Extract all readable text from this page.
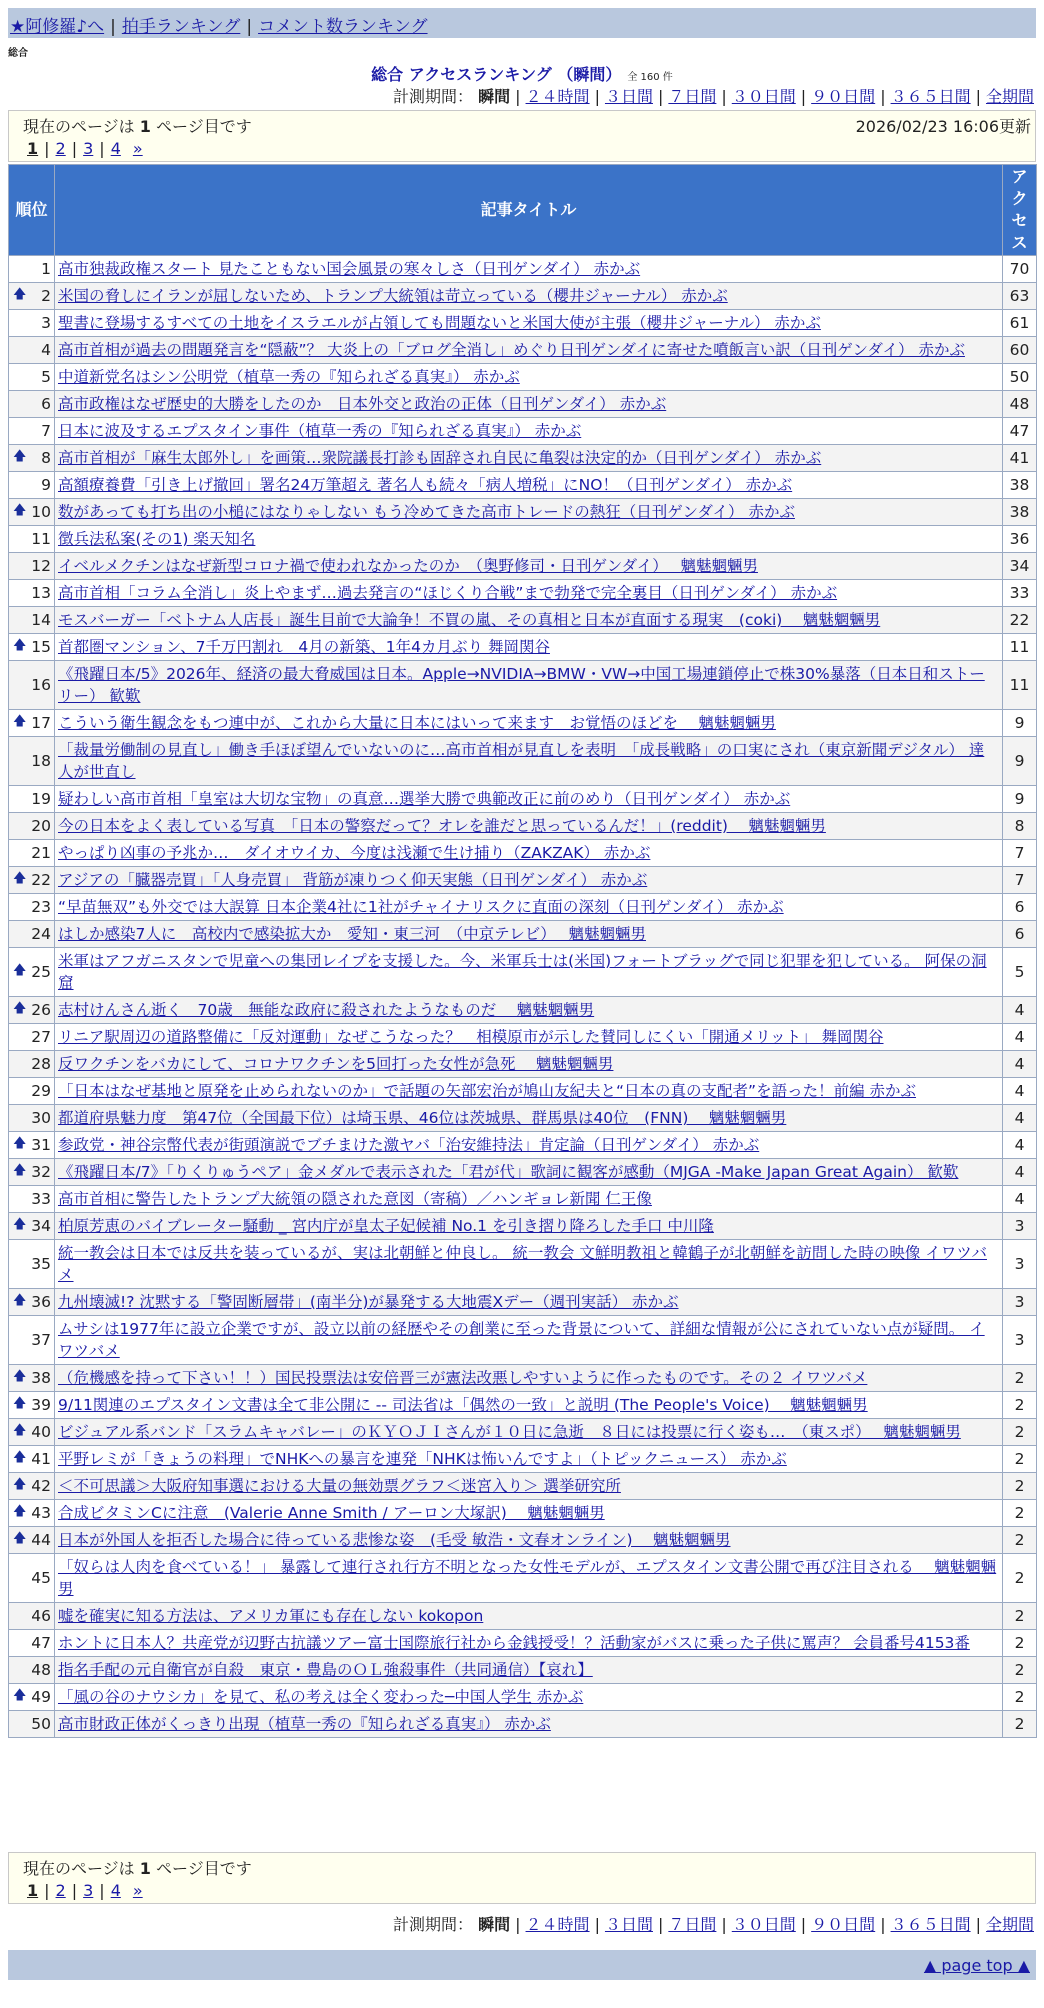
★阿修羅♪へ | 拍手ランキング | コメント数ランキング
総合
総合 アクセスランキング （瞬間） 全 160 件
計測期間： 瞬間 | ２４時間 | ３日間 | ７日間 | ３０日間 | ９０日間 | ３６５日間 | 全期間
現在のページは 1 ページ目です	2026/02/23 16:06更新
1 | 2 | 3 | 4 »
順位	記事タイトル	アクセス
1	高市独裁政権スタート 見たこともない国会風景の寒々しさ（日刊ゲンダイ） 赤かぶ	70

🡅 2	米国の脅しにイランが屈しないため、トランプ大統領は苛立っている（櫻井ジャーナル） 赤かぶ	63
3	聖書に登場するすべての土地をイスラエルが占領しても問題ないと米国大使が主張（櫻井ジャーナル） 赤かぶ	61
4	高市首相が過去の問題発言を“隠蔽”？ 大炎上の「ブログ全消し」めぐり日刊ゲンダイに寄せた噴飯言い訳（日刊ゲンダイ） 赤かぶ	60
5	中道新党名はシン公明党（植草一秀の『知られざる真実』） 赤かぶ	50
6	高市政権はなぜ歴史的大勝をしたのか　日本外交と政治の正体（日刊ゲンダイ） 赤かぶ	48
7	日本に波及するエプスタイン事件（植草一秀の『知られざる真実』） 赤かぶ	47

🡅 8	高市首相が「麻生太郎外し」を画策…衆院議長打診も固辞され自民に亀裂は決定的か（日刊ゲンダイ） 赤かぶ	41
9	高額療養費「引き上げ撤回」署名24万筆超え 著名人も続々「病人増税」にNO！（日刊ゲンダイ） 赤かぶ	38

🡅 10	数があっても打ち出の小槌にはなりゃしない もう冷めてきた高市トレードの熱狂（日刊ゲンダイ） 赤かぶ	38
11	徴兵法私案(その1) 楽天知名	36
12	イベルメクチンはなぜ新型コロナ禍で使われなかったのか　（奥野修司・日刊ゲンダイ）　 魑魅魍魎男	34
13	高市首相「コラム全消し」炎上やまず…過去発言の“ほじくり合戦”まで勃発で完全裏目（日刊ゲンダイ） 赤かぶ	33
14	モスバーガー「ベトナム人店長」誕生目前で大論争！不買の嵐、その真相と日本が直面する現実　(coki)　 魑魅魍魎男	22

🡅 15	首都圏マンション、7千万円割れ　4月の新築、1年4カ月ぶり 舞岡関谷	11
16	《飛躍日本/5》2026年、経済の最大脅威国は日本。Apple→NVIDIA→BMW・VW→中国工場連鎖停止で株30%暴落（日本日和ストーリー） 歓歎	11

🡅 17	こういう衛生観念をもつ連中が、これから大量に日本にはいって来ます　お覚悟のほどを　 魑魅魍魎男	9
18	「裁量労働制の見直し」働き手ほぼ望んでいないのに…高市首相が見直しを表明　「成長戦略」の口実にされ（東京新聞デジタル） 達人が世直し	9
19	疑わしい高市首相「皇室は大切な宝物」の真意…選挙大勝で典範改正に前のめり（日刊ゲンダイ） 赤かぶ	9
20	今の日本をよく表している写真　「日本の警察だって？オレを誰だと思っているんだ！」(reddit)　 魑魅魍魎男	8
21	やっぱり凶事の予兆か…　ダイオウイカ、今度は浅瀬で生け捕り（ZAKZAK） 赤かぶ	7

🡅 22	アジアの「臓器売買」「人身売買」 背筋が凍りつく仰天実態（日刊ゲンダイ） 赤かぶ	7
23	“早苗無双”も外交では大誤算 日本企業4社に1社がチャイナリスクに直面の深刻（日刊ゲンダイ） 赤かぶ	6
24	はしか感染7人に　高校内で感染拡大か　愛知・東三河　（中京テレビ）　 魑魅魍魎男	6

🡅 25	米軍はアフガニスタンで児童への集団レイプを支援した。今、米軍兵士は(米国)フォートブラッグで同じ犯罪を犯している。 阿保の洞窟	5

🡅 26	志村けんさん逝く　70歳　無能な政府に殺されたようなものだ　 魑魅魍魎男	4
27	リニア駅周辺の道路整備に「反対運動」なぜこうなった？　相模原市が示した賛同しにくい「開通メリット」 舞岡関谷	4
28	反ワクチンをバカにして、コロナワクチンを5回打った女性が急死　 魑魅魍魎男	4
29	「日本はなぜ基地と原発を止められないのか」で話題の矢部宏治が鳩山友紀夫と“日本の真の支配者”を語った！前編 赤かぶ	4
30	都道府県魅力度　第47位（全国最下位）は埼玉県、46位は茨城県、群馬県は40位　(FNN)　 魑魅魍魎男	4

🡅 31	参政党・神谷宗幣代表が街頭演説でブチまけた激ヤバ「治安維持法」肯定論（日刊ゲンダイ） 赤かぶ	4

🡅 32	《飛躍日本/7》「りくりゅうペア」金メダルで表示された「君が代」歌詞に観客が感動（MJGA -Make Japan Great Again） 歓歎	4
33	高市首相に警告したトランプ大統領の隠された意図（寄稿）／ハンギョレ新聞 仁王像	4

🡅 34	柏原芳恵のバイブレーター騒動 _ 宮内庁が皇太子妃候補 No.1 を引き摺り降ろした手口 中川隆	3
35	統一教会は日本では反共を装っているが、実は北朝鮮と仲良し。 統一教会 文鮮明教祖と韓鶴子が北朝鮮を訪問した時の映像 イワツバメ	3

🡅 36	九州壊滅!? 沈黙する「警固断層帯」(南半分)が暴発する大地震Xデー（週刊実話） 赤かぶ	3
37	ムサシは1977年に設立企業ですが、設立以前の経歴やその創業に至った背景について、詳細な情報が公にされていない点が疑問。 イワツバメ	3

🡅 38	（危機感を持って下さい！！）国民投票法は安倍晋三が憲法改悪しやすいように作ったものです。その２ イワツバメ	2

🡅 39	9/11関連のエプスタイン文書は全て非公開に -- 司法省は「偶然の一致」と説明 (The People's Voice)　 魑魅魍魎男	2

🡅 40	ビジュアル系バンド「スラムキャバレー」のＫＹＯＪＩさんが１０日に急逝　８日には投票に行く姿も…　（東スポ）　 魑魅魍魎男	2

🡅 41	平野レミが「きょうの料理」でNHKへの暴言を連発「NHKは怖いんですよ」（トピックニュース） 赤かぶ	2

🡅 42	＜不可思議＞大阪府知事選における大量の無効票グラフ＜迷宮入り＞ 選挙研究所	2

🡅 43	合成ビタミンCに注意　(Valerie Anne Smith / アーロン大塚訳)　 魑魅魍魎男	2

🡅 44	日本が外国人を拒否した場合に待っている悲惨な姿　(毛受 敏浩・文春オンライン)　 魑魅魍魎男	2
45	「奴らは人肉を食べている！」 暴露して連行され行方不明となった女性モデルが、エプスタイン文書公開で再び注目される　 魑魅魍魎男	2
46	嘘を確実に知る方法は、アメリカ軍にも存在しない kokopon	2
47	ホントに日本人？共産党が辺野古抗議ツアー富士国際旅行社から金銭授受！？活動家がバスに乗った子供に罵声？ 会員番号4153番	2
48	指名手配の元自衛官が自殺　東京・豊島のＯＬ強殺事件（共同通信）【哀れ】	2

🡅 49	「風の谷のナウシカ」を見て、私の考えは全く変わった─中国人学生 赤かぶ	2
50	高市財政正体がくっきり出現（植草一秀の『知られざる真実』） 赤かぶ	2
現在のページは 1 ページ目です
1 | 2 | 3 | 4 »
計測期間： 瞬間 | ２４時間 | ３日間 | ７日間 | ３０日間 | ９０日間 | ３６５日間 | 全期間
▲ page top ▲
